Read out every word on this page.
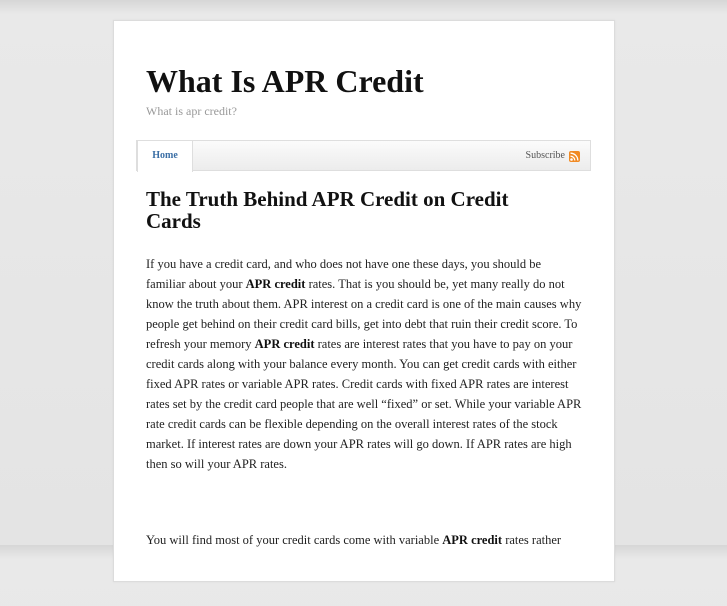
What Is APR Credit

What is apr credit?

Home	Subscribe
The Truth Behind APR Credit on Credit Cards

If you have a credit card, and who does not have one these days, you should be familiar about your APR credit rates. That is you should be, yet many really do not know the truth about them. APR interest on a credit card is one of the main causes why people get behind on their credit card bills, get into debt that ruin their credit score. To refresh your memory APR credit rates are interest rates that you have to pay on your credit cards along with your balance every month. You can get credit cards with either fixed APR rates or variable APR rates. Credit cards with fixed APR rates are interest rates set by the credit card people that are well “fixed” or set. While your variable APR rate credit cards can be flexible depending on the overall interest rates of the stock market. If interest rates are down your APR rates will go down. If APR rates are high then so will your APR rates.

You will find most of your credit cards come with variable APR credit rates rather
